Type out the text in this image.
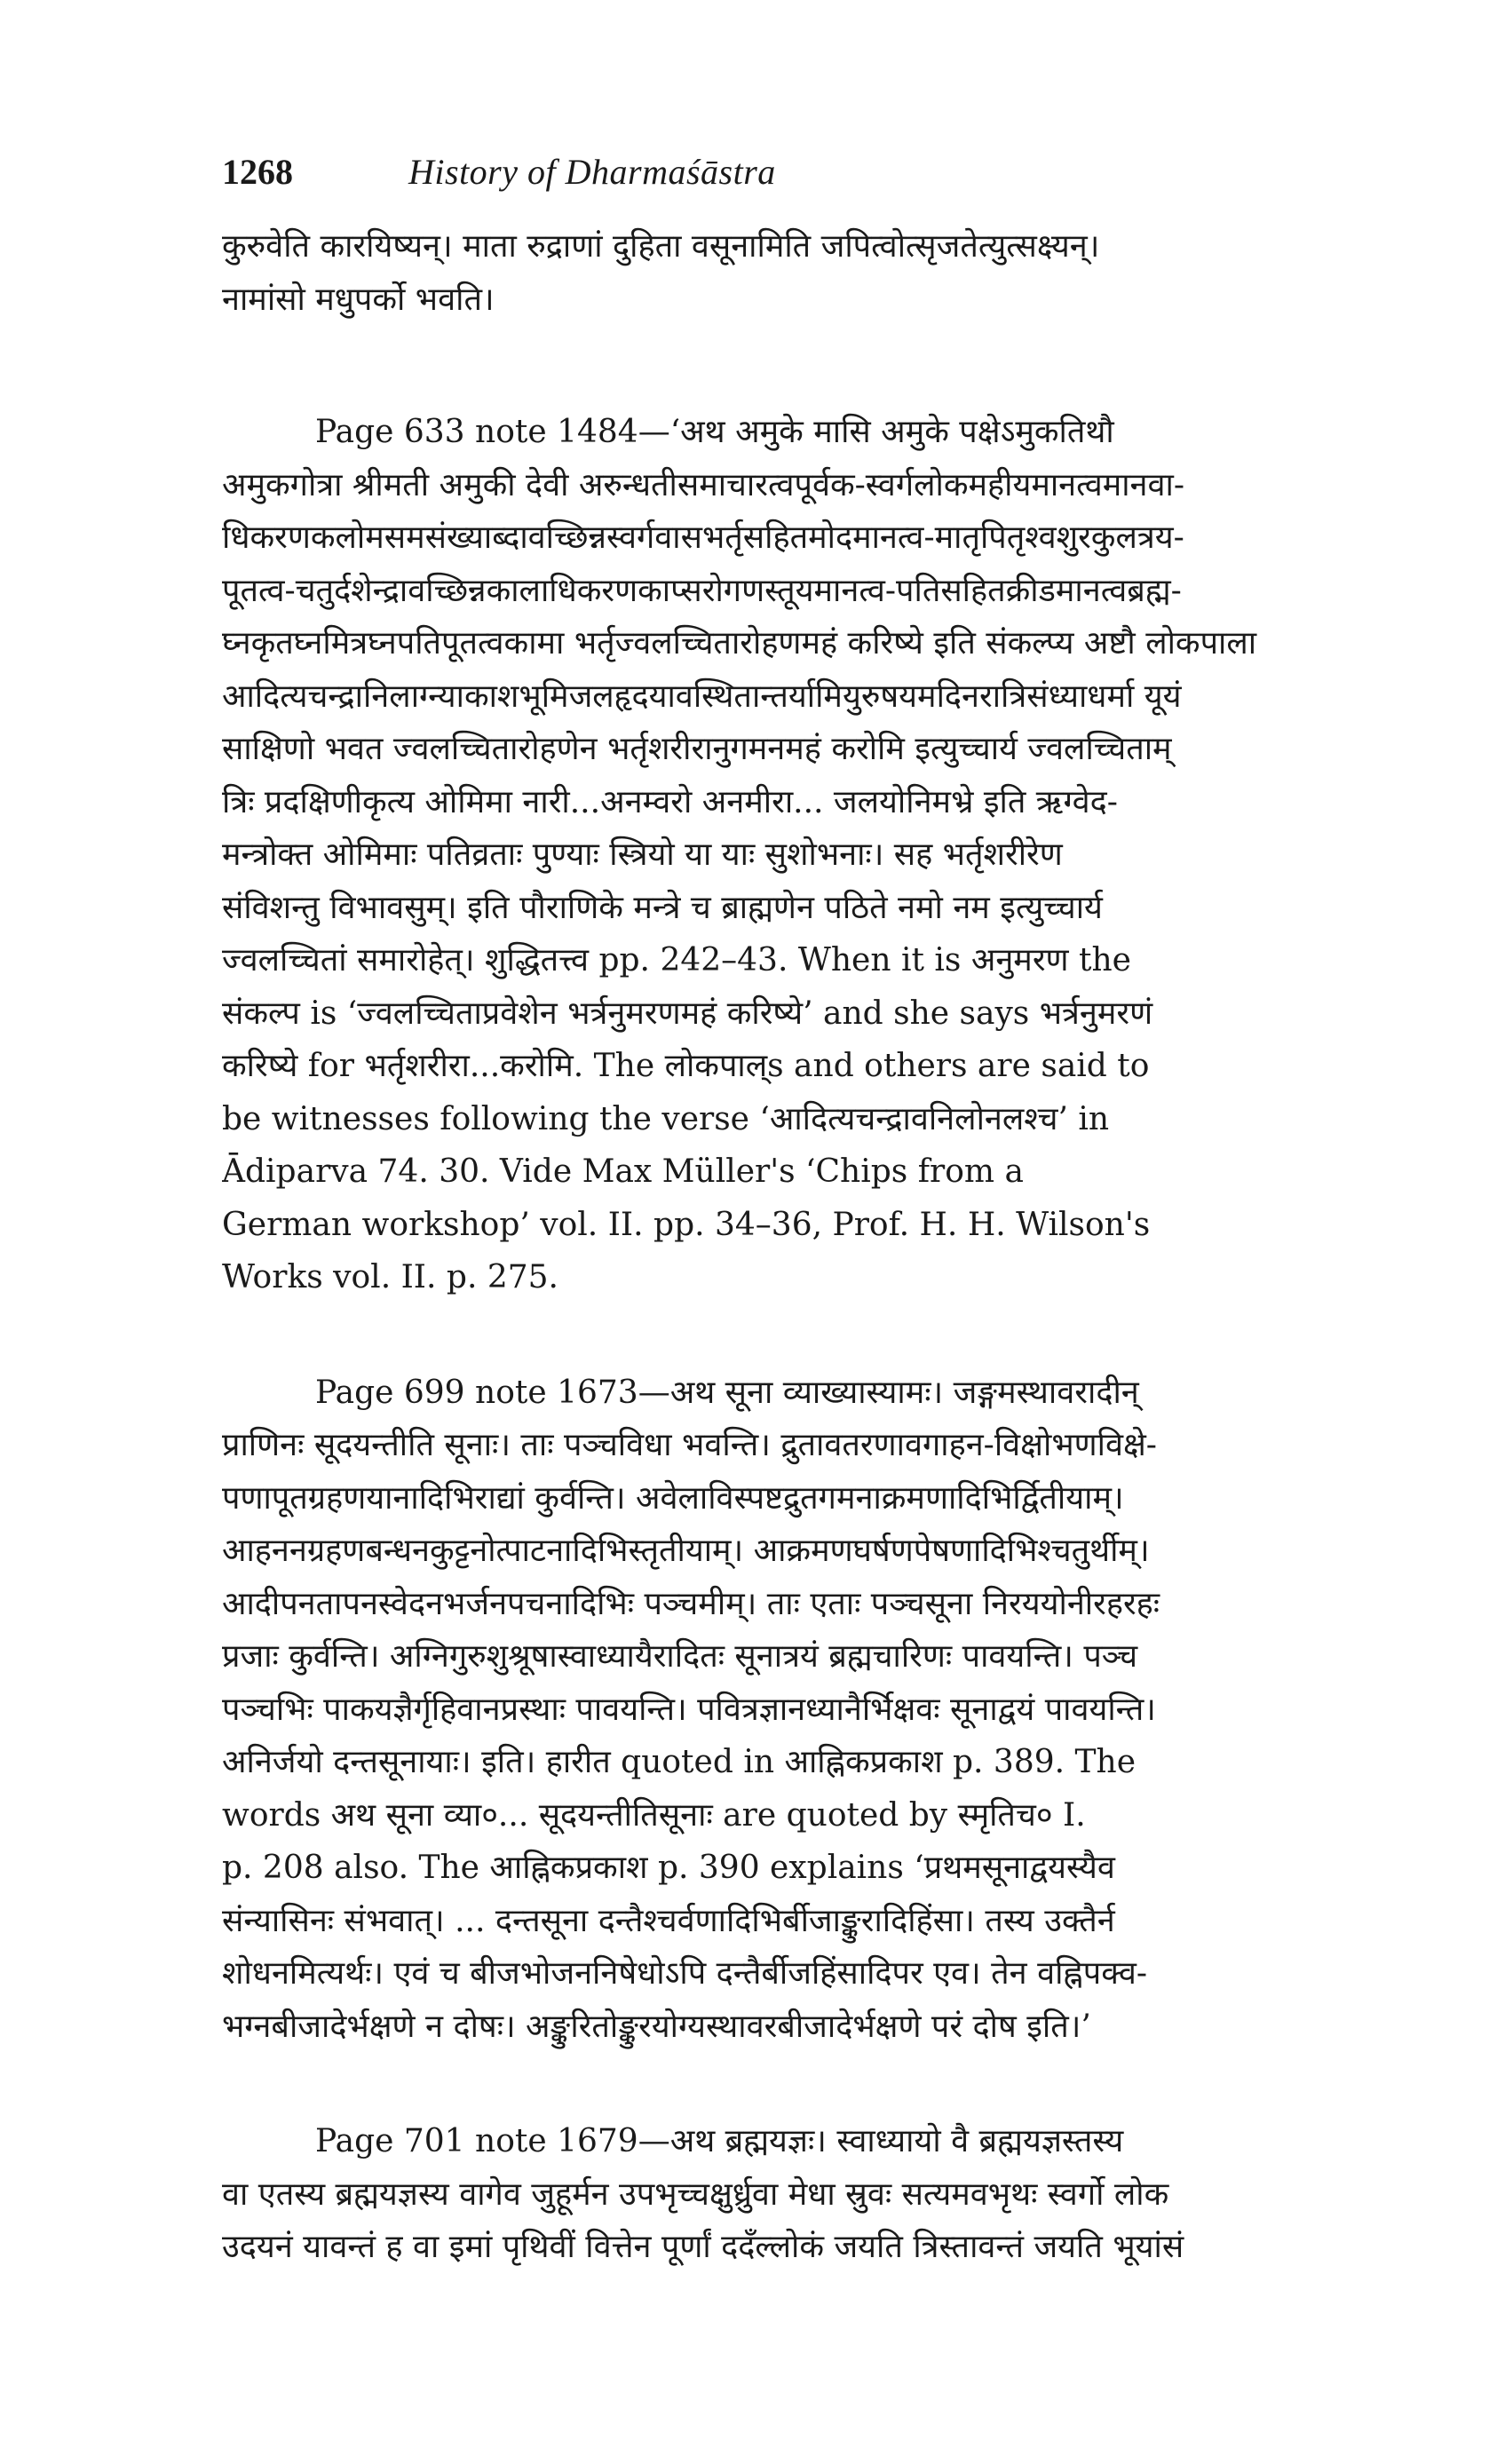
1268	History of Dharmaśāstra
कुरुवेति कारयिष्यन्। माता रुद्राणां दुहिता वसूनामिति जपित्वोत्सृजतेत्युत्सक्ष्यन्।
नामांसो मधुपर्को भवति।
Page 633 note 1484—‘अथ अमुके मासि अमुके पक्षेऽमुकतिथौ
अमुकगोत्रा श्रीमती अमुकी देवी अरुन्धतीसमाचारत्वपूर्वक-स्वर्गलोकमहीयमानत्वमानवा-
धिकरणकलोमसमसंख्याब्दावच्छिन्नस्वर्गवासभर्तृसहितमोदमानत्व-मातृपितृश्वशुरकुलत्रय-
पूतत्व-चतुर्दशेन्द्रावच्छिन्नकालाधिकरणकाप्सरोगणस्तूयमानत्व-पतिसहितक्रीडमानत्वब्रह्म-
घ्नकृतघ्नमित्रघ्नपतिपूतत्वकामा भर्तृज्वलच्चितारोहणमहं करिष्ये इति संकल्प्य अष्टौ लोकपाला
आदित्यचन्द्रानिलाग्न्याकाशभूमिजलहृदयावस्थितान्तर्यामियुरुषयमदिनरात्रिसंध्याधर्मा यूयं
साक्षिणो भवत ज्वलच्चितारोहणेन भर्तृशरीरानुगमनमहं करोमि इत्युच्चार्य ज्वलच्चिताम्
त्रिः प्रदक्षिणीकृत्य ओमिमा नारी...अनम्वरो अनमीरा... जलयोनिमभ्रे इति ऋग्वेद-
मन्त्रोक्त ओमिमाः पतिव्रताः पुण्याः स्त्रियो या याः सुशोभनाः। सह भर्तृशरीरेण
संविशन्तु विभावसुम्। इति पौराणिके मन्त्रे च ब्राह्मणेन पठिते नमो नम इत्युच्चार्य
ज्वलच्चितां समारोहेत्। शुद्धितत्त्व pp. 242–43. When it is अनुमरण the
संकल्प is ‘ज्वलच्चिताप्रवेशेन भर्त्रनुमरणमहं करिष्ये’ and she says भर्त्रनुमरणं
करिष्ये for भर्तृशरीरा...करोमि. The लोकपाल्s and others are said to
be witnesses following the verse ‘आदित्यचन्द्रावनिलोनलश्च’ in
Ādiparva 74. 30. Vide Max Müller's ‘Chips from a
German workshop’ vol. II. pp. 34–36, Prof. H. H. Wilson's
Works vol. II. p. 275.
Page 699 note 1673—अथ सूना व्याख्यास्यामः। जङ्गमस्थावरादीन्
प्राणिनः सूदयन्तीति सूनाः। ताः पञ्चविधा भवन्ति। द्रुतावतरणावगाहन-विक्षोभणविक्षे-
पणापूतग्रहणयानादिभिराद्यां कुर्वन्ति। अवेलाविस्पष्टद्रुतगमनाक्रमणादिभिर्द्वितीयाम्।
आहननग्रहणबन्धनकुट्टनोत्पाटनादिभिस्तृतीयाम्। आक्रमणघर्षणपेषणादिभिश्चतुर्थीम्।
आदीपनतापनस्वेदनभर्जनपचनादिभिः पञ्चमीम्। ताः एताः पञ्चसूना निरययोनीरहरहः
प्रजाः कुर्वन्ति। अग्निगुरुशुश्रूषास्वाध्यायैरादितः सूनात्रयं ब्रह्मचारिणः पावयन्ति। पञ्च
पञ्चभिः पाकयज्ञैर्गृहिवानप्रस्थाः पावयन्ति। पवित्रज्ञानध्यानैर्भिक्षवः सूनाद्वयं पावयन्ति।
अनिर्जयो दन्तसूनायाः। इति। हारीत quoted in आह्निकप्रकाश p. 389. The
words अथ सूना व्या०... सूदयन्तीतिसूनाः are quoted by स्मृतिच० I.
p. 208 also. The आह्निकप्रकाश p. 390 explains ‘प्रथमसूनाद्वयस्यैव
संन्यासिनः संभवात्। ... दन्तसूना दन्तैश्चर्वणादिभिर्बीजाङ्कुरादिहिंसा। तस्य उक्तैर्न
शोधनमित्यर्थः। एवं च बीजभोजननिषेधोऽपि दन्तैर्बीजहिंसादिपर एव। तेन वह्निपक्व-
भग्नबीजादेर्भक्षणे न दोषः। अङ्कुरितोङ्कुरयोग्यस्थावरबीजादेर्भक्षणे परं दोष इति।’
Page 701 note 1679—अथ ब्रह्मयज्ञः। स्वाध्यायो वै ब्रह्मयज्ञस्तस्य
वा एतस्य ब्रह्मयज्ञस्य वागेव जुहूर्मन उपभृच्चक्षुर्ध्रुवा मेधा स्रुवः सत्यमवभृथः स्वर्गो लोक
उदयनं यावन्तं ह वा इमां पृथिवीं वित्तेन पूर्णां ददँल्लोकं जयति त्रिस्तावन्तं जयति भूयांसं
